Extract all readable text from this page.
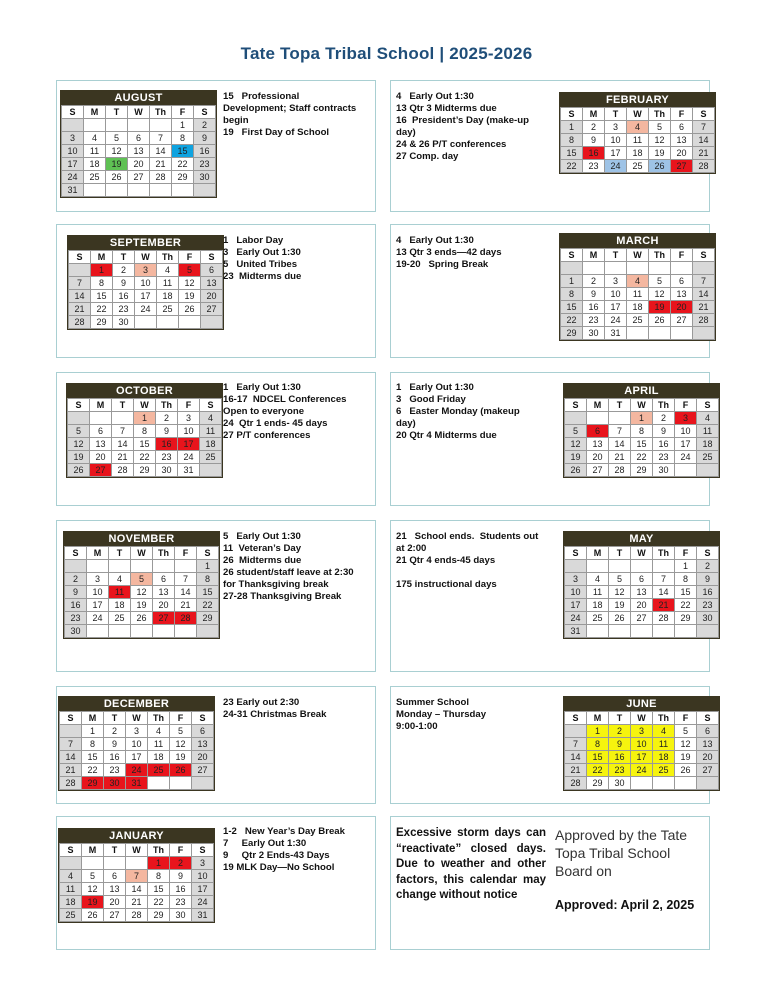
Tate Topa Tribal School | 2025-2026
AUGUST
S	M	T	W	Th	F	S
					1	2
3	4	5	6	7	8	9
10	11	12	13	14	15	16
17	18	19	20	21	22	23
24	25	26	27	28	29	30
31						
FEBRUARY
S	M	T	W	Th	F	S
1	2	3	4	5	6	7
8	9	10	11	12	13	14
15	16	17	18	19	20	21
22	23	24	25	26	27	28
SEPTEMBER
S	M	T	W	Th	F	S
	1	2	3	4	5	6
7	8	9	10	11	12	13
14	15	16	17	18	19	20
21	22	23	24	25	26	27
28	29	30				
MARCH
S	M	T	W	Th	F	S

1	2	3	4	5	6	7
8	9	10	11	12	13	14
15	16	17	18	19	20	21
22	23	24	25	26	27	28
29	30	31				
OCTOBER
S	M	T	W	Th	F	S
			1	2	3	4
5	6	7	8	9	10	11
12	13	14	15	16	17	18
19	20	21	22	23	24	25
26	27	28	29	30	31	
APRIL
S	M	T	W	Th	F	S
			1	2	3	4
5	6	7	8	9	10	11
12	13	14	15	16	17	18
19	20	21	22	23	24	25
26	27	28	29	30		
NOVEMBER
S	M	T	W	Th	F	S
						1
2	3	4	5	6	7	8
9	10	11	12	13	14	15
16	17	18	19	20	21	22
23	24	25	26	27	28	29
30						
MAY
S	M	T	W	Th	F	S
					1	2
3	4	5	6	7	8	9
10	11	12	13	14	15	16
17	18	19	20	21	22	23
24	25	26	27	28	29	30
31						
DECEMBER
S	M	T	W	Th	F	S
	1	2	3	4	5	6
7	8	9	10	11	12	13
14	15	16	17	18	19	20
21	22	23	24	25	26	27
28	29	30	31			
JUNE
S	M	T	W	Th	F	S
	1	2	3	4	5	6
7	8	9	10	11	12	13
14	15	16	17	18	19	20
21	22	23	24	25	26	27
28	29	30				
JANUARY
S	M	T	W	Th	F	S
				1	2	3
4	5	6	7	8	9	10
11	12	13	14	15	16	17
18	19	20	21	22	23	24
25	26	27	28	29	30	31
15   Professional
Development; Staff contracts
begin
19   First Day of School
4   Early Out 1:30
13 Qtr 3 Midterms due
16  President’s Day (make-up
day)
24 & 26 P/T conferences
27 Comp. day
1   Labor Day
3   Early Out 1:30
5   United Tribes
23  Midterms due
4   Early Out 1:30
13 Qtr 3 ends—42 days
19-20   Spring Break
1   Early Out 1:30
16-17  NDCEL Conferences
Open to everyone
24  Qtr 1 ends- 45 days
27 P/T conferences
1   Early Out 1:30
3   Good Friday
6   Easter Monday (makeup
day)
20 Qtr 4 Midterms due
5   Early Out 1:30
11  Veteran’s Day
26  Midterms due
26 student/staff leave at 2:30
for Thanksgiving break
27-28 Thanksgiving Break
21   School ends.  Students out
at 2:00
21 Qtr 4 ends-45 days

175 instructional days
23 Early out 2:30
24-31 Christmas Break
Summer School
Monday – Thursday
9:00-1:00
1-2   New Year’s Day Break
7     Early Out 1:30
9     Qtr 2 Ends-43 Days
19 MLK Day—No School
Excessive storm days can “reactivate” closed days. Due to weather and other factors, this calendar may change without notice
Approved by the Tate Topa Tribal School Board on
Approved: April 2, 2025
